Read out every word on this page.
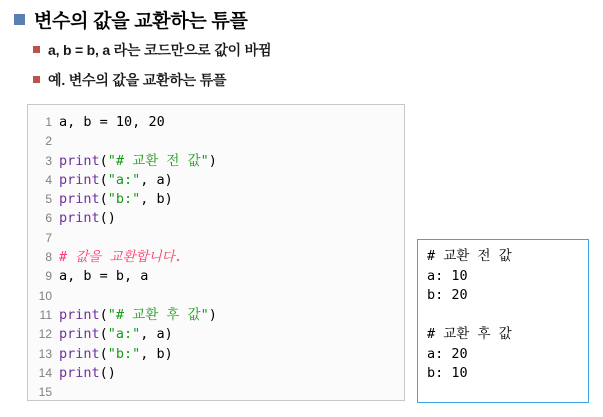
변수의 값을 교환하는 튜플
a, b = b, a 라는 코드만으로 값이 바뀜
예. 변수의 값을 교환하는 튜플
1	a, b = 10, 20
2	
3	print("# 교환 전 값")
4	print("a:", a)
5	print("b:", b)
6	print()
7	
8	# 값을 교환합니다.
9	a, b = b, a
10	
11	print("# 교환 후 값")
12	print("a:", a)
13	print("b:", b)
14	print()
15	
# 교환 전 값
a: 10
b: 20

# 교환 후 값
a: 20
b: 10
